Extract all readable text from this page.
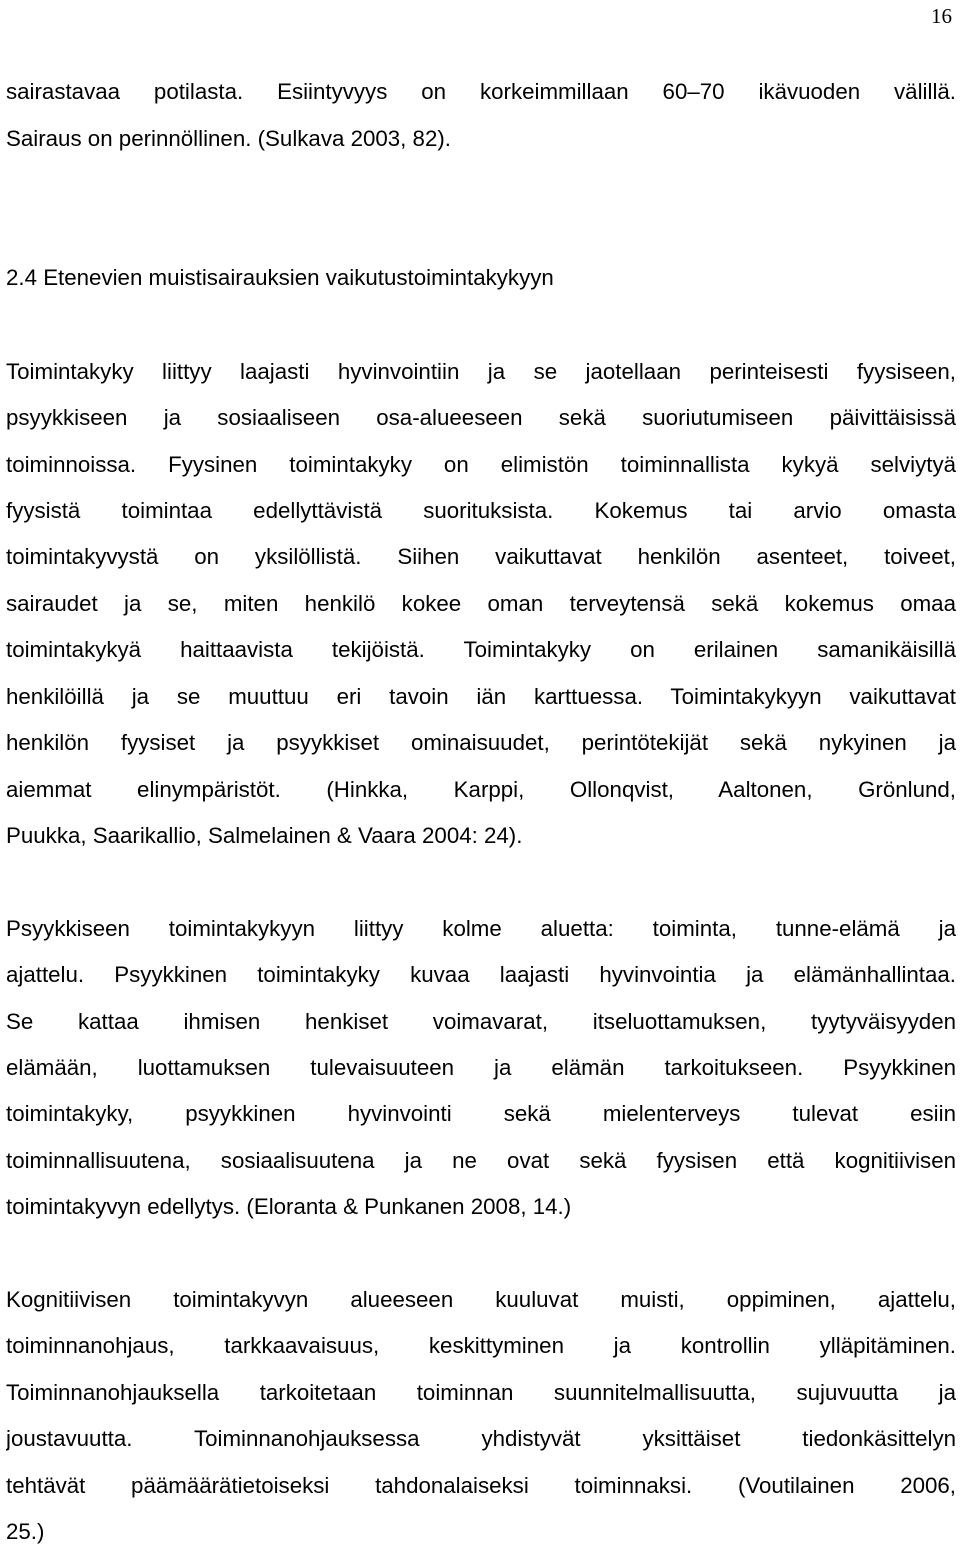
16
sairastavaa potilasta. Esiintyvyys on korkeimmillaan 60–70 ikävuoden välillä.
Sairaus on perinnöllinen. (Sulkava 2003, 82).
2.4 Etenevien muistisairauksien vaikutustoimintakykyyn
Toimintakyky liittyy laajasti hyvinvointiin ja se jaotellaan perinteisesti fyysiseen,
psyykkiseen ja sosiaaliseen osa-alueeseen sekä suoriutumiseen päivittäisissä
toiminnoissa. Fyysinen toimintakyky on elimistön toiminnallista kykyä selviytyä
fyysistä toimintaa edellyttävistä suorituksista. Kokemus tai arvio omasta
toimintakyvystä on yksilöllistä. Siihen vaikuttavat henkilön asenteet, toiveet,
sairaudet ja se, miten henkilö kokee oman terveytensä sekä kokemus omaa
toimintakykyä haittaavista tekijöistä. Toimintakyky on erilainen samanikäisillä
henkilöillä ja se muuttuu eri tavoin iän karttuessa. Toimintakykyyn vaikuttavat
henkilön fyysiset ja psyykkiset ominaisuudet, perintötekijät sekä nykyinen ja
aiemmat elinympäristöt. (Hinkka, Karppi, Ollonqvist, Aaltonen, Grönlund,
Puukka, Saarikallio, Salmelainen & Vaara 2004: 24).
Psyykkiseen toimintakykyyn liittyy kolme aluetta: toiminta, tunne-elämä ja
ajattelu. Psyykkinen toimintakyky kuvaa laajasti hyvinvointia ja elämänhallintaa.
Se kattaa ihmisen henkiset voimavarat, itseluottamuksen, tyytyväisyyden
elämään, luottamuksen tulevaisuuteen ja elämän tarkoitukseen. Psyykkinen
toimintakyky, psyykkinen hyvinvointi sekä mielenterveys tulevat esiin
toiminnallisuutena, sosiaalisuutena ja ne ovat sekä fyysisen että kognitiivisen
toimintakyvyn edellytys. (Eloranta & Punkanen 2008, 14.)
Kognitiivisen toimintakyvyn alueeseen kuuluvat muisti, oppiminen, ajattelu,
toiminnanohjaus, tarkkaavaisuus, keskittyminen ja kontrollin ylläpitäminen.
Toiminnanohjauksella tarkoitetaan toiminnan suunnitelmallisuutta, sujuvuutta ja
joustavuutta. Toiminnanohjauksessa yhdistyvät yksittäiset tiedonkäsittelyn
tehtävät päämäärätietoiseksi tahdonalaiseksi toiminnaksi. (Voutilainen 2006,
25.)
